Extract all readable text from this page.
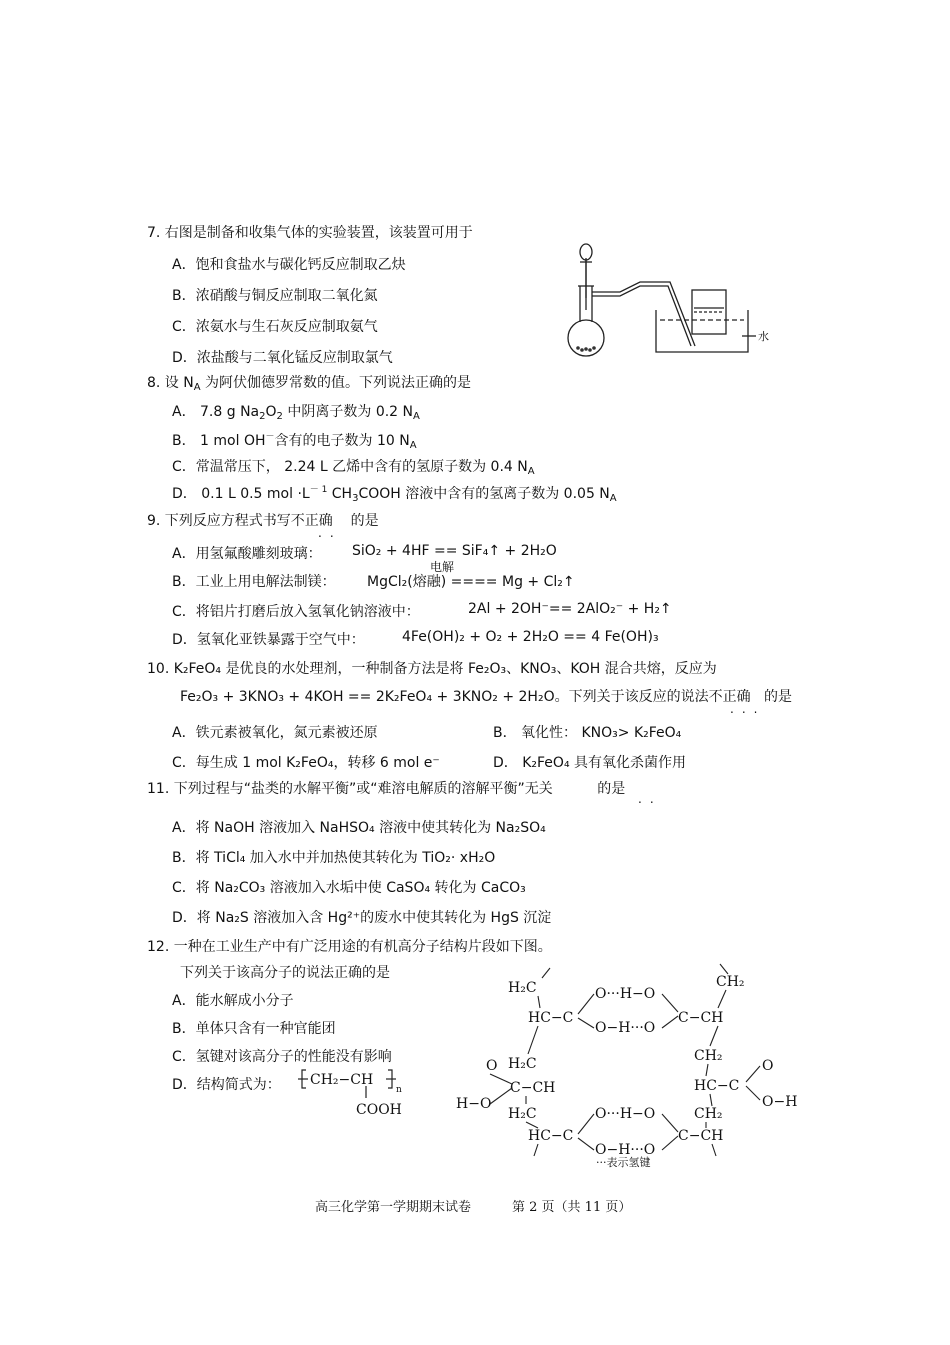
7. 右图是制备和收集气体的实验装置，该装置可用于
A．饱和食盐水与碳化钙反应制取乙炔
B．浓硝酸与铜反应制取二氧化氮
C．浓氨水与生石灰反应制取氨气
D．浓盐酸与二氧化锰反应制取氯气
水
8. 设 $N_A$ 为阿伏伽德罗常数的值。下列说法正确的是
A． 7.8 g $Na_2O_2$ 中阴离子数为 0.2 $N_A$
B． 1 mol OH－含有的电子数为 10 $N_A$
C．常温常压下， 2.24 L 乙烯中含有的氢原子数为 0.4 $N_A$
D． 0.1 L 0.5 mol $\cdot L^{- 1}$ $CH_3COOH$ 溶液中含有的氢离子数为 0.05 $N_A$
9. 下列反应方程式书写不正确 的是
..
A．用氢氟酸雕刻玻璃： SiO₂ + 4HF == SiF₄↑ + 2H₂O
电解
B．工业上用电解法制镁： MgCl₂(熔融) ==== Mg + Cl₂↑
C．将铝片打磨后放入氢氧化钠溶液中：	2Al + 2OH⁻== 2AlO₂⁻ + H₂↑
D．氢氧化亚铁暴露于空气中：	4Fe(OH)₂ + O₂ + 2H₂O == 4 Fe(OH)₃
10. K₂FeO₄ 是优良的水处理剂，一种制备方法是将 Fe₂O₃、KNO₃、KOH 混合共熔，反应为
Fe₂O₃ + 3KNO₃ + 4KOH == 2K₂FeO₄ + 3KNO₂ + 2H₂O。下列关于该反应的说法不正确 的是
...
A．铁元素被氧化，氮元素被还原	B． 氧化性： KNO₃> K₂FeO₄
C．每生成 1 mol K₂FeO₄，转移 6 mol e⁻	D． K₂FeO₄ 具有氧化杀菌作用
11. 下列过程与“盐类的水解平衡”或“难溶电解质的溶解平衡”无关	的是
..
A．将 NaOH 溶液加入 NaHSO₄ 溶液中使其转化为 Na₂SO₄
B．将 TiCl₄ 加入水中并加热使其转化为 TiO₂· xH₂O
C．将 Na₂CO₃ 溶液加入水垢中使 CaSO₄ 转化为 CaCO₃
D．将 Na₂S 溶液加入含 Hg²⁺的废水中使其转化为 HgS 沉淀
12. 一种在工业生产中有广泛用途的有机高分子结构片段如下图。
下列关于该高分子的说法正确的是
A．能水解成小分子
B．单体只含有一种官能团
C．氢键对该高分子的性能没有影响
D．结构简式为： CH₂−CH
n
COOH
H₂C
HC−C
O···H−O
O−H···O
C−CH
CH₂
CH₂
HC−C
O
O−H
H₂C
O
C−CH
H−O
H₂C
HC−C
O···H−O
O−H···O
C−CH
CH₂
···表示氢键
高三化学第一学期期末试卷	第 2 页（共 11 页）
